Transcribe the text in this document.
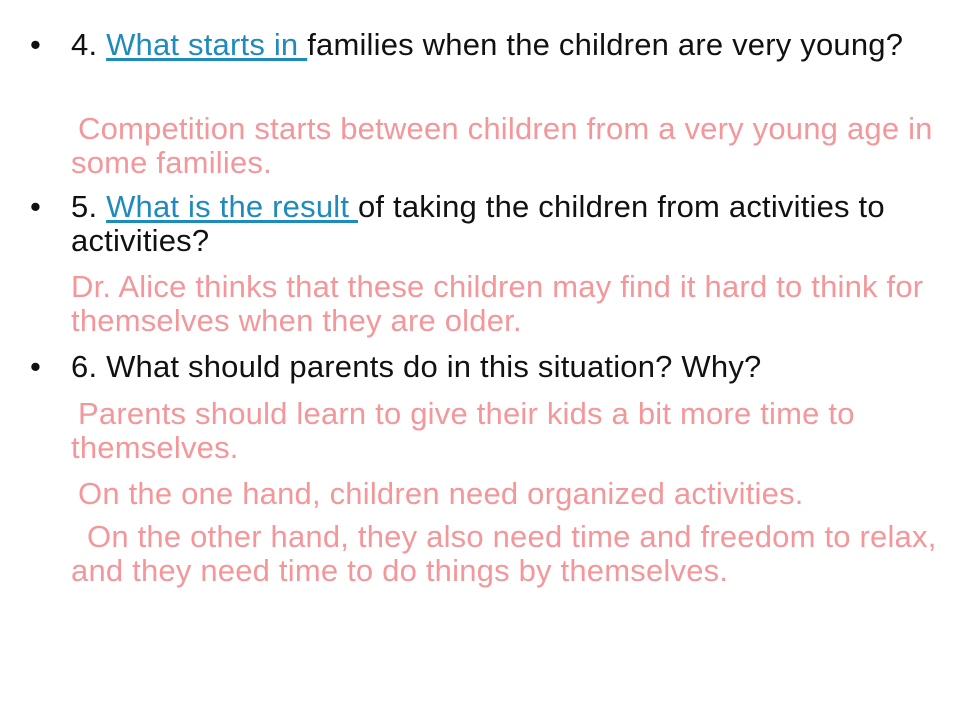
• 4. What starts in families when the children are very young?
Competition starts between children from a very young age in some families.
• 5. What is the result of taking the children from activities to activities?
Dr. Alice thinks that these children may find it hard to think for themselves when they are older.
• 6. What should parents do in this situation? Why?
Parents should learn to give their kids a bit more time to themselves.
On the one hand, children need organized activities.
On the other hand, they also need time and freedom to relax, and they need time to do things by themselves.
